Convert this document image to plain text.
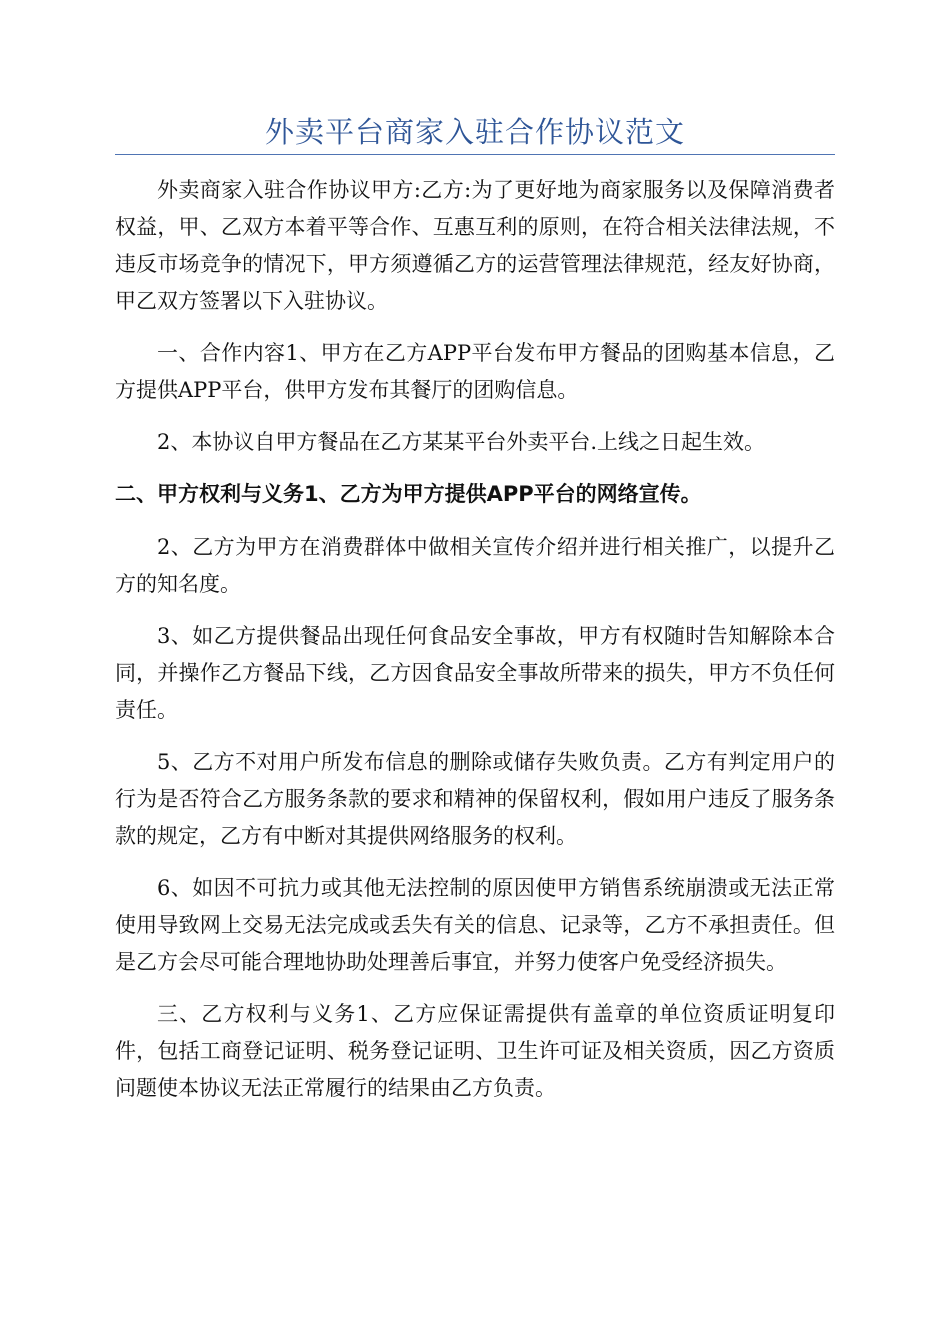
外卖平台商家入驻合作协议范文

外卖商家入驻合作协议甲方:乙方:为了更好地为商家服务以及保障消费者权益，甲、乙双方本着平等合作、互惠互利的原则，在符合相关法律法规，不违反市场竞争的情况下，甲方须遵循乙方的运营管理法律规范，经友好协商，甲乙双方签署以下入驻协议。

一、合作内容1、甲方在乙方APP平台发布甲方餐品的团购基本信息，乙方提供APP平台，供甲方发布其餐厅的团购信息。

2、本协议自甲方餐品在乙方某某平台外卖平台.上线之日起生效。

二、甲方权利与义务1、乙方为甲方提供APP平台的网络宣传。

2、乙方为甲方在消费群体中做相关宣传介绍并进行相关推广，以提升乙方的知名度。

3、如乙方提供餐品出现任何食品安全事故，甲方有权随时告知解除本合同，并操作乙方餐品下线，乙方因食品安全事故所带来的损失，甲方不负任何责任。

5、乙方不对用户所发布信息的删除或储存失败负责。乙方有判定用户的行为是否符合乙方服务条款的要求和精神的保留权利，假如用户违反了服务条款的规定，乙方有中断对其提供网络服务的权利。

6、如因不可抗力或其他无法控制的原因使甲方销售系统崩溃或无法正常使用导致网上交易无法完成或丢失有关的信息、记录等，乙方不承担责任。但是乙方会尽可能合理地协助处理善后事宜，并努力使客户免受经济损失。

三、乙方权利与义务1、乙方应保证需提供有盖章的单位资质证明复印件，包括工商登记证明、税务登记证明、卫生许可证及相关资质，因乙方资质问题使本协议无法正常履行的结果由乙方负责。
